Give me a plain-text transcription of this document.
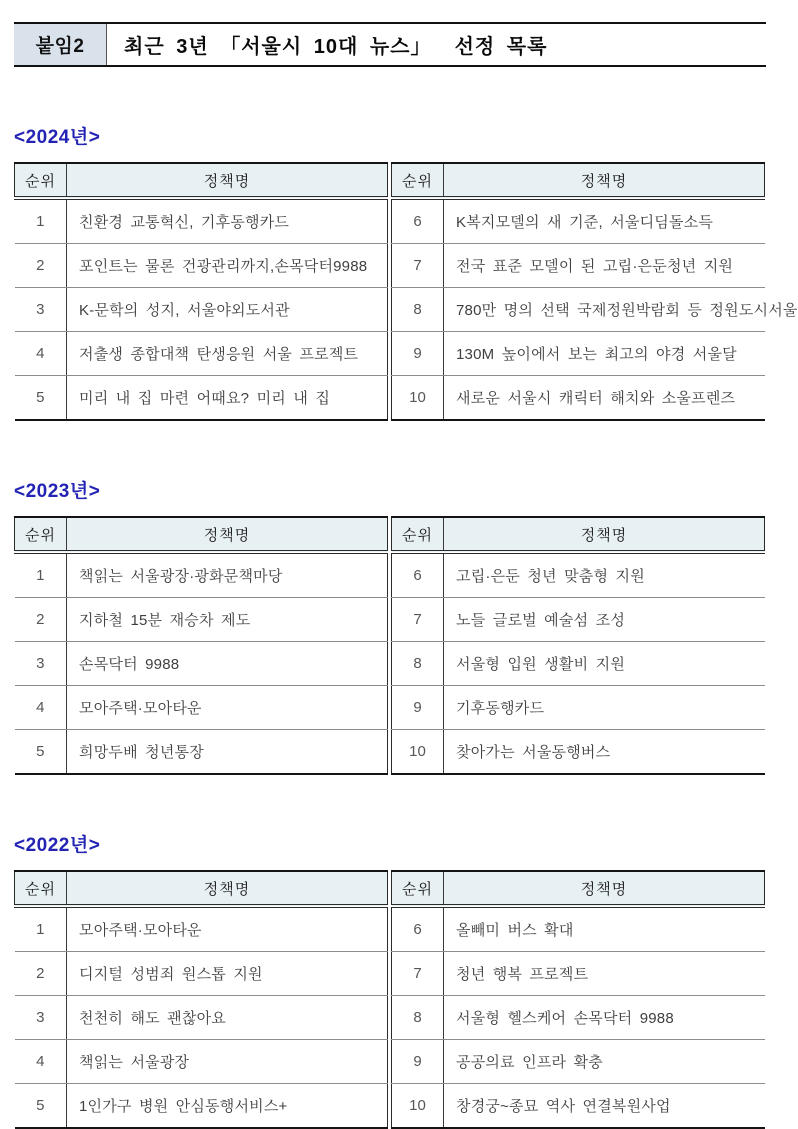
붙임2	최근 3년 「서울시 10대 뉴스」  선정 목록
<2024년>
순위	정책명
1	친환경 교통혁신, 기후동행카드
2	포인트는 물론 건광관리까지,손목닥터9988
3	K-문학의 성지, 서울야외도서관
4	저출생 종합대책 탄생응원 서울 프로젝트
5	미리 내 집 마련 어때요? 미리 내 집
순위	정책명
6	K복지모델의 새 기준, 서울디딤돌소득
7	전국 표준 모델이 된 고립·은둔청년 지원
8	780만 명의 선택 국제정원박람회 등 정원도시서울
9	130M 높이에서 보는 최고의 야경 서울달
10	새로운 서울시 캐릭터 해치와 소울프렌즈
<2023년>
순위	정책명
1	책읽는 서울광장·광화문책마당
2	지하철 15분 재승차 제도
3	손목닥터 9988
4	모아주택·모아타운
5	희망두배 청년통장
순위	정책명
6	고립·은둔 청년 맞춤형 지원
7	노들 글로벌 예술섬 조성
8	서울형 입원 생활비 지원
9	기후동행카드
10	찾아가는 서울동행버스
<2022년>
순위	정책명
1	모아주택·모아타운
2	디지털 성범죄 원스톱 지원
3	천천히 해도 괜찮아요
4	책읽는 서울광장
5	1인가구 병원 안심동행서비스+
순위	정책명
6	올빼미 버스 확대
7	청년 행복 프로젝트
8	서울형 헬스케어 손목닥터 9988
9	공공의료 인프라 확충
10	창경궁~종묘 역사 연결복원사업
